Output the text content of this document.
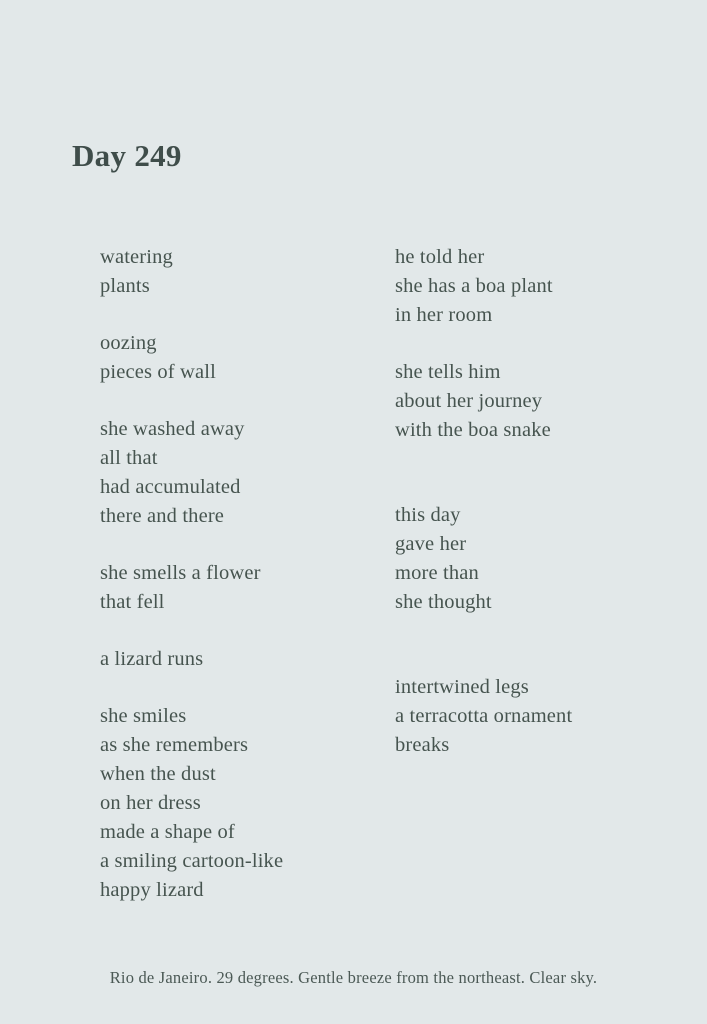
Day 249
watering
plants
oozing
pieces of wall
she washed away
all that
had accumulated
there and there
she smells a flower
that fell
a lizard runs
she smiles
as she remembers
when the dust
on her dress
made a shape of
a smiling cartoon-like
happy lizard
he told her
she has a boa plant
in her room
she tells him
about her journey
with the boa snake
this day
gave her
more than
she thought
intertwined legs
a terracotta ornament
breaks
Rio de Janeiro. 29 degrees. Gentle breeze from the northeast. Clear sky.
